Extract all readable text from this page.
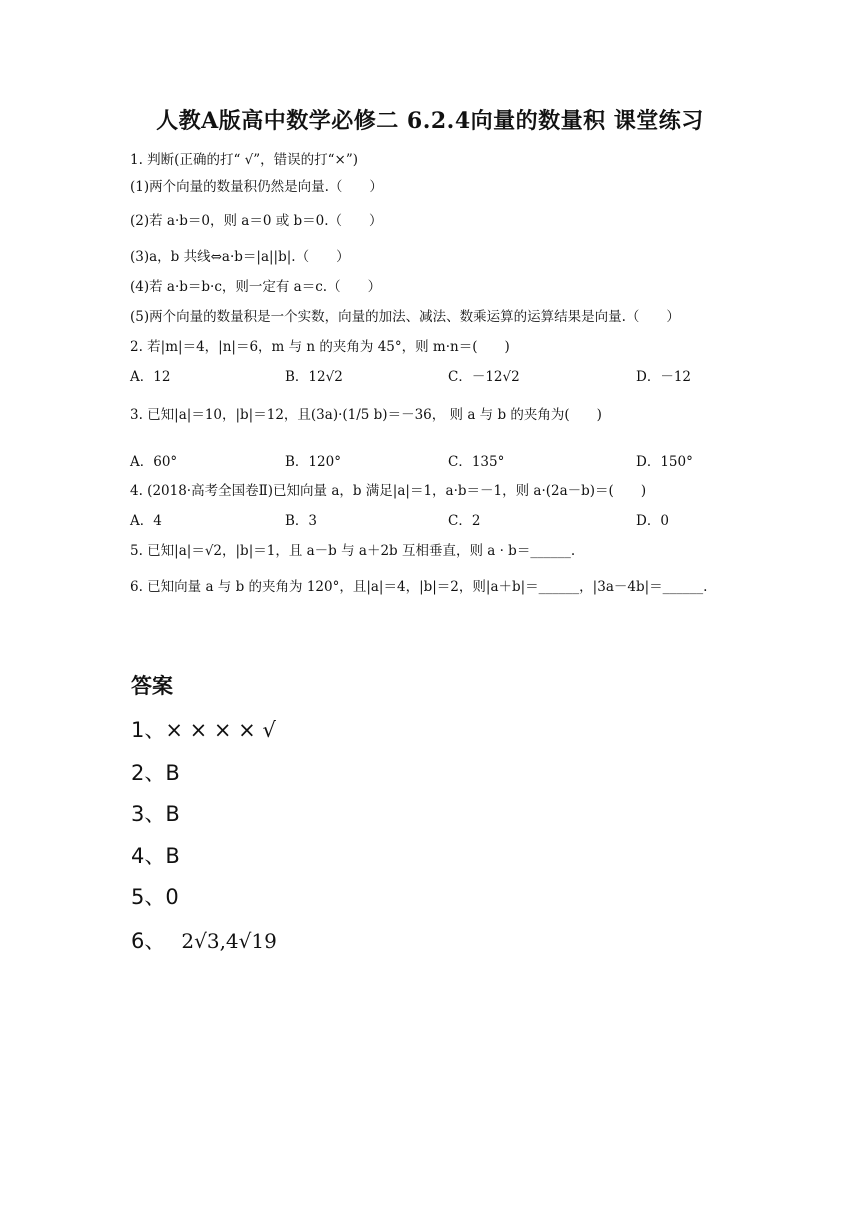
人教A版高中数学必修二 6.2.4向量的数量积 课堂练习
1. 判断(正确的打“ √”，错误的打“×”)
(1)两个向量的数量积仍然是向量.（　　）
(2)若 a·b＝0，则 a＝0 或 b＝0.（　　）
(3)a，b 共线⇔a·b＝|a||b|.（　　）
(4)若 a·b＝b·c，则一定有 a＝c.（　　）
(5)两个向量的数量积是一个实数，向量的加法、减法、数乘运算的运算结果是向量.（　　）
2. 若|m|＝4，|n|＝6，m 与 n 的夹角为 45°，则 m·n＝(　　)
A．12	B．12√2	C．－12√2	D．－12
3. 已知|a|＝10，|b|＝12，且(3a)·(1/5 b)＝－36， 则 a 与 b 的夹角为(　　)
A．60°	B．120°	C．135°	D．150°
4. (2018·高考全国卷Ⅱ)已知向量 a，b 满足|a|＝1，a·b＝－1，则 a·(2a－b)＝(　　)
A．4	B．3	C．2	D．0
5. 已知|a|＝√2，|b|＝1，且 a－b 与 a＋2b 互相垂直，则 a · b＝______.
6. 已知向量 a 与 b 的夹角为 120°，且|a|＝4，|b|＝2，则|a＋b|＝______，|3a－4b|＝______.
答案
1、× × × × √
2、B
3、B
4、B
5、0
6、 2√3,4√19
